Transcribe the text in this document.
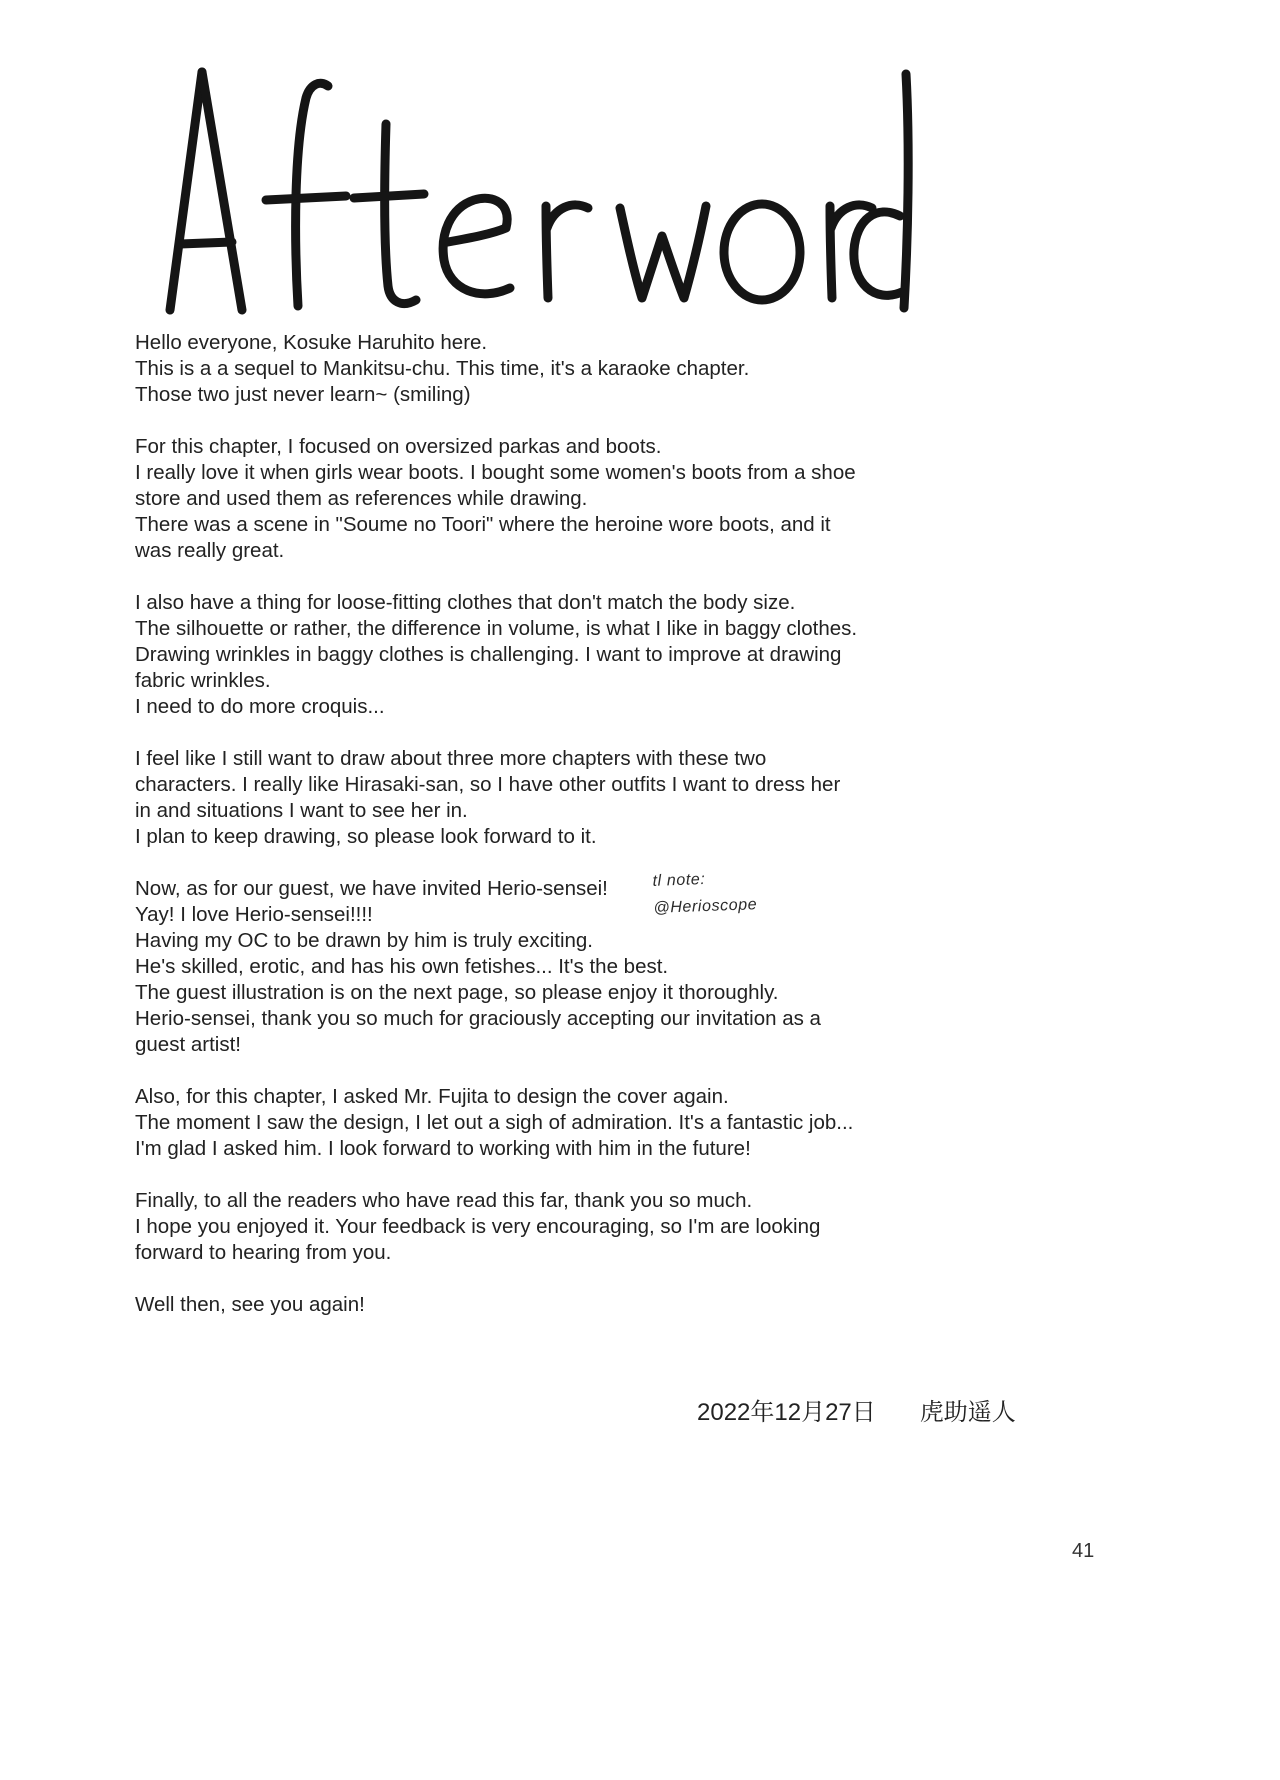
Hello everyone, Kosuke Haruhito here.
This is a a sequel to Mankitsu-chu. This time, it's a karaoke chapter.
Those two just never learn~ (smiling)
For this chapter, I focused on oversized parkas and boots.
I really love it when girls wear boots. I bought some women's boots from a shoe
store and used them as references while drawing.
There was a scene in "Soume no Toori" where the heroine wore boots, and it
was really great.
I also have a thing for loose-fitting clothes that don't match the body size.
The silhouette or rather, the difference in volume, is what I like in baggy clothes.
Drawing wrinkles in baggy clothes is challenging. I want to improve at drawing
fabric wrinkles.
I need to do more croquis...
I feel like I still want to draw about three more chapters with these two
characters. I really like Hirasaki-san, so I have other outfits I want to dress her
in and situations I want to see her in.
I plan to keep drawing, so please look forward to it.
Now, as for our guest, we have invited Herio-sensei!
Yay! I love Herio-sensei!!!!
Having my OC to be drawn by him is truly exciting.
He's skilled, erotic, and has his own fetishes... It's the best.
The guest illustration is on the next page, so please enjoy it thoroughly.
Herio-sensei, thank you so much for graciously accepting our invitation as a
guest artist!
Also, for this chapter, I asked Mr. Fujita to design the cover again.
The moment I saw the design, I let out a sigh of admiration. It's a fantastic job...
I'm glad I asked him. I look forward to working with him in the future!
Finally, to all the readers who have read this far, thank you so much.
I hope you enjoyed it. Your feedback is very encouraging, so I'm are looking
forward to hearing from you.
Well then, see you again!
tl note:
@Herioscope
2022年12月27日 虎助遥人
41
